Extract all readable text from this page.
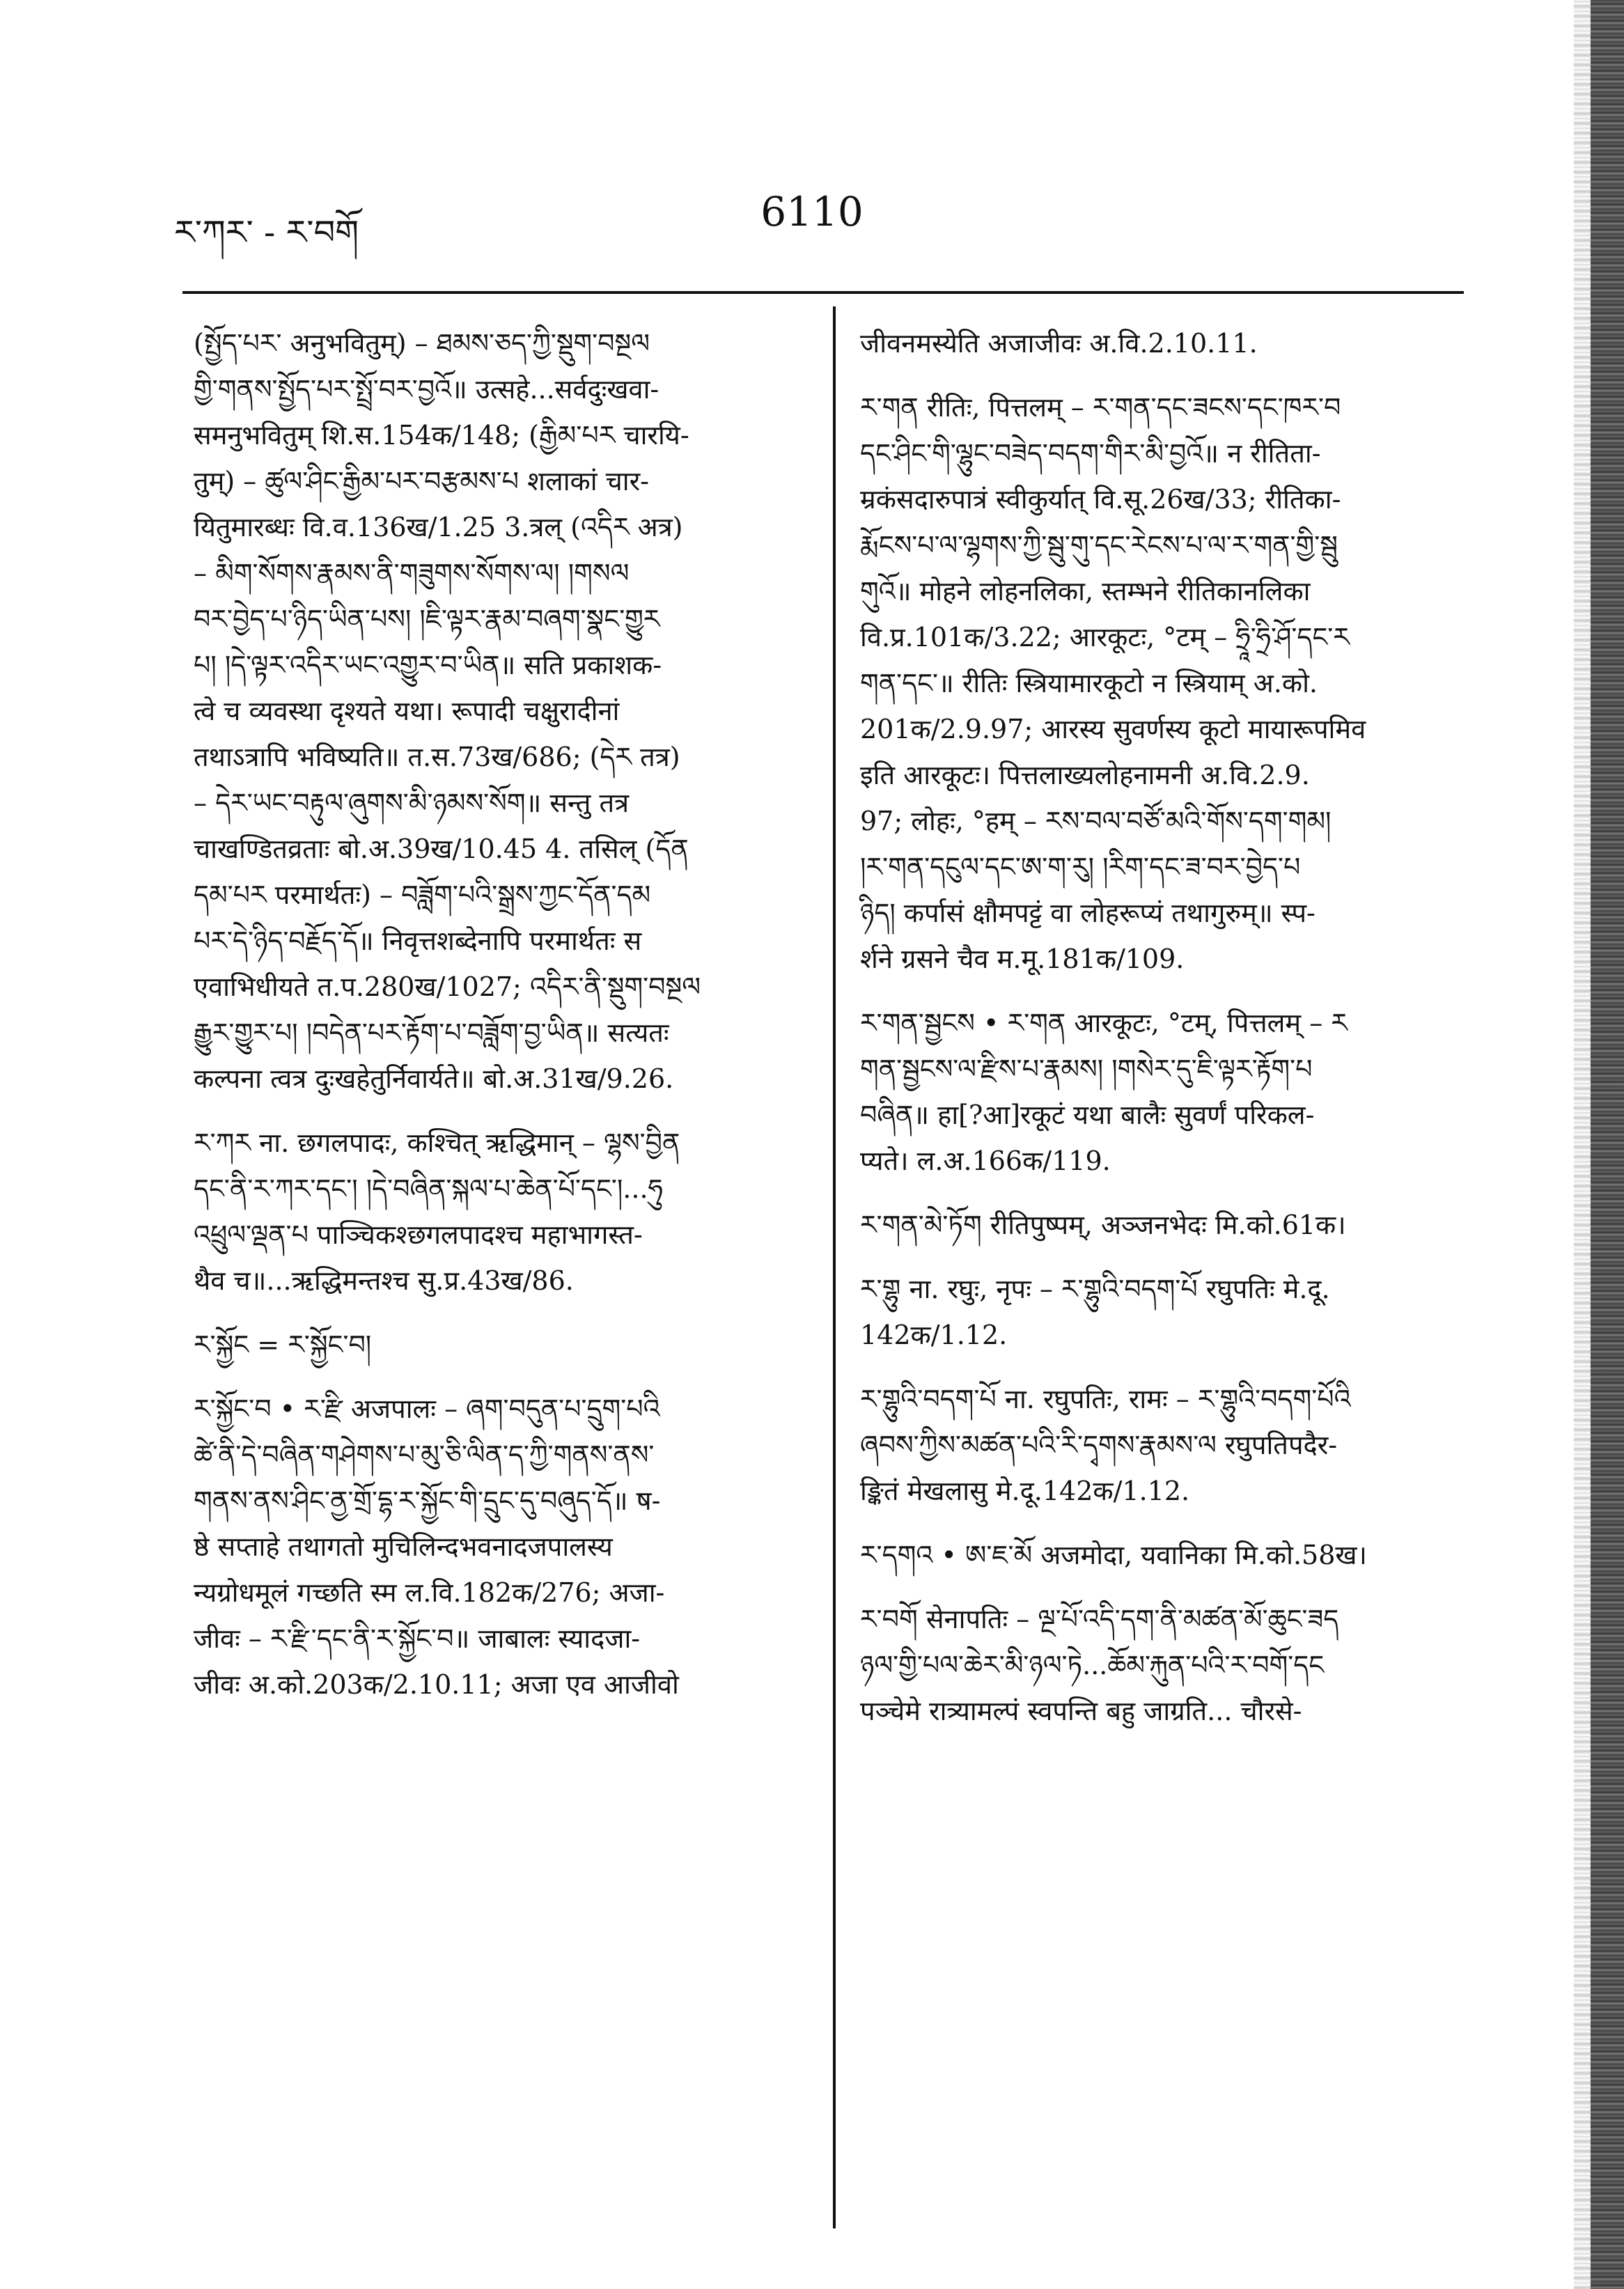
ར་ཀར་ - ར་བགོ	6110

(སྤྱོད་པར་ अनुभवितुम्) – ཐམས་ཅད་ཀྱི་སྡུག་བསྔལ

གྱི་གནས་སྤྱོད་པར་སྤྲོ་བར་བྱའོ॥ उत्सहे...सर्वदुःखवा-

समनुभवितुम् शि.स.154क/148; (རྒྱིམ་པར चारयि-

तुम्) – ཚུལ་ཤིང་རྒྱིམ་པར་བརྩམས་པ शलाकां चार-

यितुमारब्धः वि.व.136ख/1.25 3.त्रल् (འདིར अत्र)

– མིག་སོགས་རྣམས་ནི་གཟུགས་སོགས་ལ། །གསལ

བར་བྱེད་པ་ཉིད་ཡིན་པས། །ཇི་ལྟར་རྣམ་བཞག་སྣང་གྱུར

པ། །དེ་ལྟར་འདིར་ཡང་འགྱུར་བ་ཡིན॥ सति प्रकाशक-

त्वे च व्यवस्था दृश्यते यथा। रूपादी चक्षुरादीनां

तथाऽत्रापि भविष्यति॥ त.स.73ख/686; (དེར तत्र)

– དེར་ཡང་བརྟུལ་ཞུགས་མི་ཉམས་སོག॥ सन्तु तत्र

चाखण्डितव्रताः बो.अ.39ख/10.45 4. तसिल् (དོན

དམ་པར परमार्थतः) – བཟློག་པའི་སྒྲས་ཀྱང་དོན་དམ

པར་དེ་ཉིད་བརྗོད་དོ॥ निवृत्तशब्देनापि परमार्थतः स

एवाभिधीयते त.प.280ख/1027; འདིར་ནི་སྡུག་བསྔལ

རྒྱུར་གྱུར་པ། །བདེན་པར་རྟོག་པ་བཟློག་བྱ་ཡིན॥ सत्यतः

कल्पना त्वत्र दुःखहेतुर्निवार्यते॥ बो.अ.31ख/9.26.

ར་ཀར ना. छगलपादः, कश्चित् ऋद्धिमान् – ལྷས་བྱིན

དང་ནི་ར་ཀར་དང་། །དེ་བཞིན་སྐལ་པ་ཆེན་པོ་དང་།...ཧུ

འཕྲུལ་ལྡན་པ पाञ्चिकश्छगलपादश्च महाभागस्त-

थैव च॥...ऋद्धिमन्तश्च सु.प्र.43ख/86.

ར་སྐྱོང = ར་སྐྱོང་བ།

ར་སྐྱོང་བ • ར་རྫི अजपालः – ཞག་བདུན་པ་དྲུག་པའི

ཚེ་ནི་དེ་བཞིན་གཤེགས་པ་མུ་ཅི་ལིན་ད་ཀྱི་གནས་ནས་

གནས་ནས་ཤིང་ནྱ་གྲོ་དྷ་ར་སྐྱོང་གི་དྲུང་དུ་བཞུད་དོ॥ ष-

ष्ठे सप्ताहे तथागतो मुचिलिन्दभवनादजपालस्य

न्यग्रोधमूलं गच्छति स्म ल.वि.182क/276; अजा-

जीवः – ར་རྫི་དང་ནི་ར་སྐྱོང་བ॥ जाबालः स्यादजा-

जीवः अ.को.203क/2.10.11; अजा एव आजीवो

जीवनमस्येति अजाजीवः अ.वि.2.10.11.

ར་གན रीतिः, पित्तलम् – ར་གན་དང་ཟངས་དང་ཁར་བ

དང་ཤིང་གི་ལྷུང་བཟེད་བདག་གིར་མི་བྱའོ॥ न रीतिता-

म्रकंसदारुपात्रं स्वीकुर्यात् वि.सू.26ख/33; रीतिका-

རྨོངས་པ་ལ་ལྷགས་ཀྱི་སྦུ་གུ་དང་རེངས་པ་ལ་ར་གན་གྱི་སྦུ

གུའོ॥ मोहने लोहनलिका, स्तम्भने रीतिकानलिका

वि.प्र.101क/3.22; आरकूटः, °टम् – ཧྲཱི་ཧྲི་ཤོ་དང་ར

གན་དང་॥ रीतिः स्त्रियामारकूटो न स्त्रियाम् अ.को.

201क/2.9.97; आरस्य सुवर्णस्य कूटो मायारूपमिव

इति आरकूटः। पित्तलाख्यलोहनामनी अ.वि.2.9.

97; लोहः, °हम् – རས་བལ་བཙོ་མའི་གོས་དག་གམ།

།ར་གན་དངུལ་དང་ཨ་ག་རུ། །རིག་དང་ཟ་བར་བྱེད་པ

ཉིད། कर्पासं क्षौमपट्टं वा लोहरूप्यं तथागुरुम्॥ स्प-

र्शने ग्रसने चैव म.मू.181क/109.

ར་གན་སྦྱངས • ར་གན आरकूटः, °टम्, पित्तलम् – ར

གན་སྦྱངས་ལ་རྫིས་པ་རྣམས། །གསེར་དུ་ཇི་ལྟར་རྟོག་པ

བཞིན॥ हा[?आ]रकूटं यथा बालैः सुवर्णं परिकल-

प्यते। ल.अ.166क/119.

ར་གན་མེ་ཏོག रीतिपुष्पम्, अञ्जनभेदः मि.को.61क।

ར་གྷུ ना. रघुः, नृपः – ར་གྷུའི་བདག་པོ रघुपतिः मे.दू.

142क/1.12.

ར་གྷུའི་བདག་པོ ना. रघुपतिः, रामः – ར་གྷུའི་བདག་པོའི

ཞབས་ཀྱིས་མཚན་པའི་རི་དྭགས་རྣམས་ལ रघुपतिपदैर-

ङ्कितं मेखलासु मे.दू.142क/1.12.

ར་དགའ • ཨ་ཇ་མོ अजमोदा, यवानिका मि.को.58ख।

ར་བགོ सेनापतिः – ལྔ་པོ་འདི་དག་ནི་མཚན་མོ་ཆུང་ཟད

ཉལ་གྱི་པལ་ཆེར་མི་ཉལ་ཏེ...ཆོམ་རྐུན་པའི་ར་བགོ་དང

पञ्चेमे रात्र्यामल्पं स्वपन्ति बहु जाग्रति... चौरसे-
